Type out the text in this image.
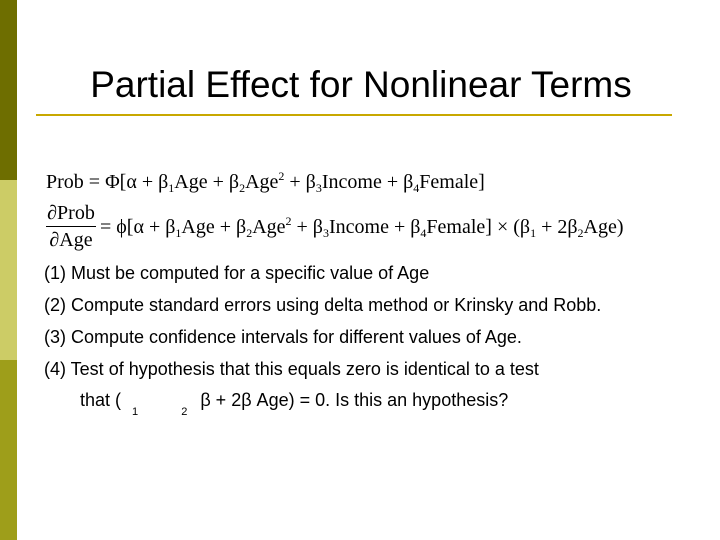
Partial Effect for Nonlinear Terms
Prob = $\Phi[\alpha + \beta_1Age + \beta_2Age^2$ + $\beta_3Income$ + $\beta_4Female$]
∂Prob
∂Age
= $\phi[\alpha + \beta_1Age + \beta_2Age^2$ + $\beta_3Income$ + $\beta_4Female] \times (\beta_1 + 2\beta_2Age)$
(1) Must be computed for a specific value of Age
(2) Compute standard errors using delta method or Krinsky and Robb.
(3) Compute confidence intervals for different values of Age.
(4) Test of hypothesis that this equals zero is identical to a test
that ( $_1$	$_2$ β + 2β Age) = 0. Is this an hypothesis?
